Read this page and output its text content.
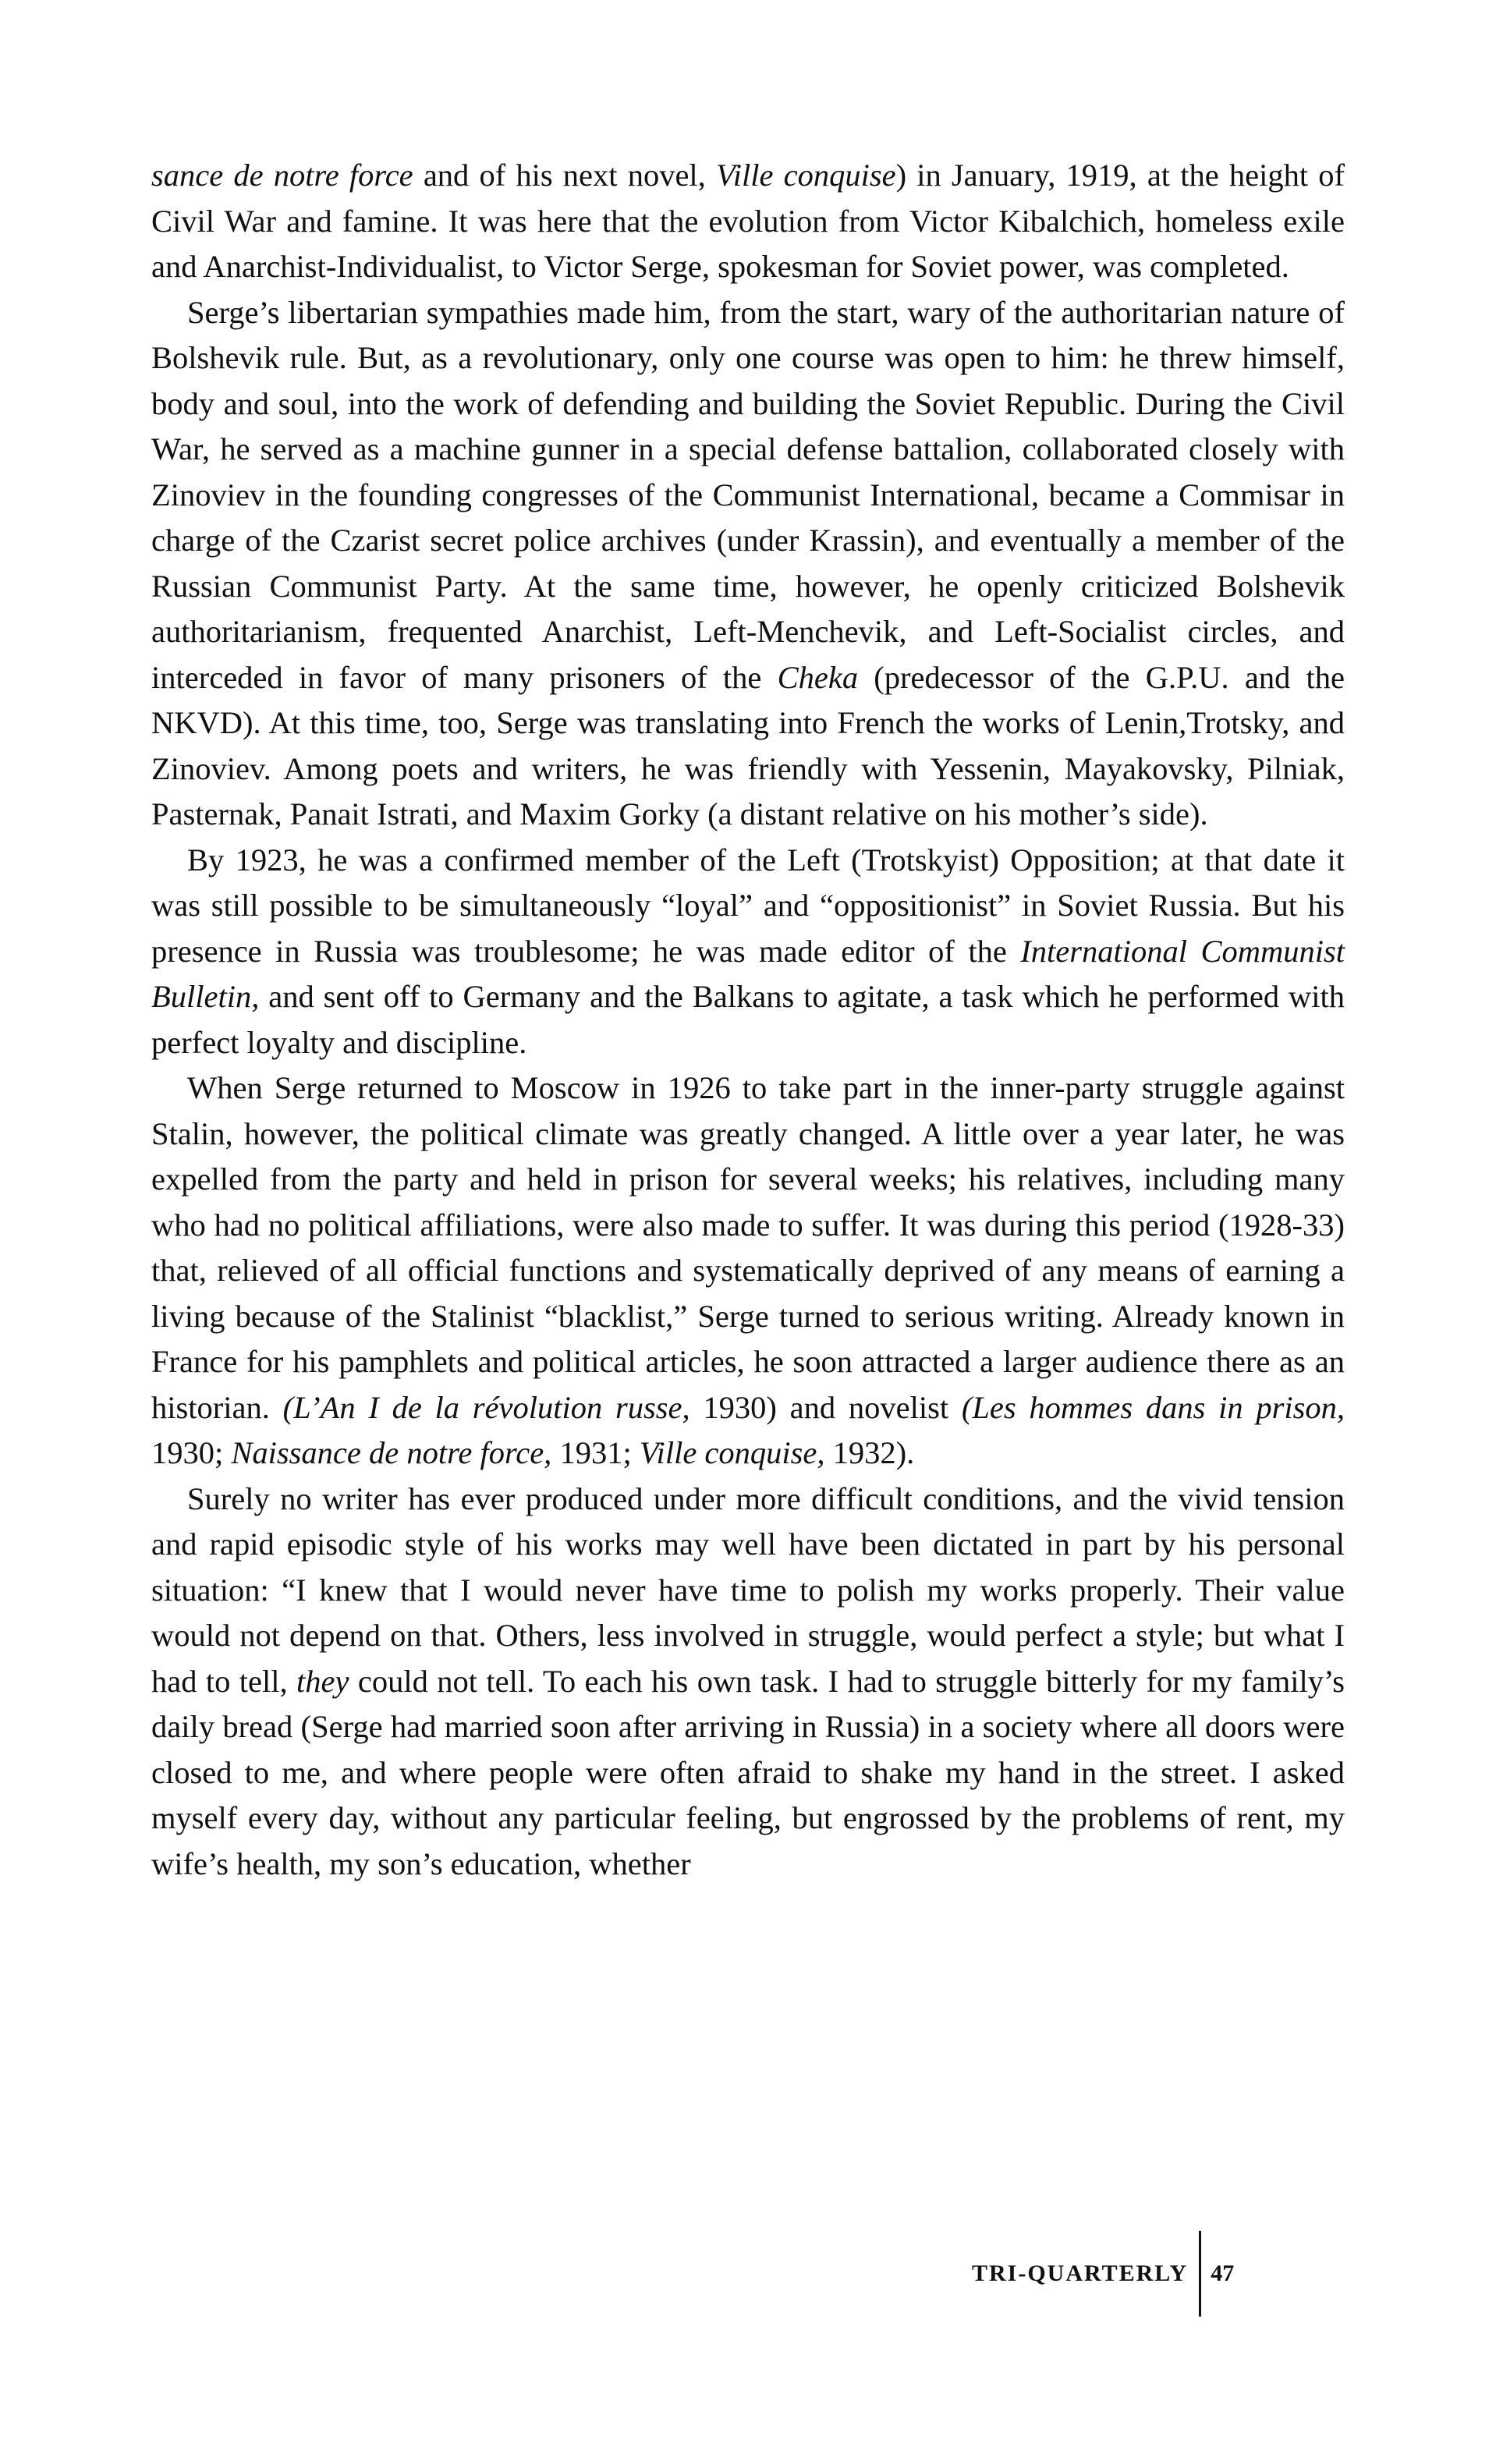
sance de notre force and of his next novel, Ville conquise) in January, 1919, at the height of Civil War and famine. It was here that the evolution from Victor Kibalchich, homeless exile and Anarchist-Individualist, to Victor Serge, spokesman for Soviet power, was completed.

Serge’s libertarian sympathies made him, from the start, wary of the authoritarian nature of Bolshevik rule. But, as a revolutionary, only one course was open to him: he threw himself, body and soul, into the work of defending and building the Soviet Republic. During the Civil War, he served as a machine gunner in a special defense battalion, collaborated closely with Zinoviev in the founding congresses of the Communist International, became a Commisar in charge of the Czarist secret police archives (under Krassin), and eventually a member of the Russian Communist Party. At the same time, however, he openly criticized Bolshevik authoritarianism, frequented Anarchist, Left-Menchevik, and Left-Socialist circles, and interceded in favor of many prisoners of the Cheka (predecessor of the G.P.U. and the NKVD). At this time, too, Serge was translating into French the works of Lenin,Trotsky, and Zinoviev. Among poets and writers, he was friendly with Yessenin, Mayakovsky, Pilniak, Pasternak, Panait Istrati, and Maxim Gorky (a distant relative on his mother’s side).

By 1923, he was a confirmed member of the Left (Trotskyist) Opposition; at that date it was still possible to be simultaneously “loyal” and “oppositionist” in Soviet Russia. But his presence in Russia was troublesome; he was made editor of the International Communist Bulletin, and sent off to Germany and the Balkans to agitate, a task which he performed with perfect loyalty and discipline.

When Serge returned to Moscow in 1926 to take part in the inner-party struggle against Stalin, however, the political climate was greatly changed. A little over a year later, he was expelled from the party and held in prison for several weeks; his relatives, including many who had no political affiliations, were also made to suffer. It was during this period (1928-33) that, relieved of all official functions and systematically deprived of any means of earning a living because of the Stalinist “blacklist,” Serge turned to serious writing. Already known in France for his pamphlets and political articles, he soon attracted a larger audience there as an historian. (L’An I de la révolution russe, 1930) and novelist (Les hommes dans in prison, 1930; Naissance de notre force, 1931; Ville conquise, 1932).

Surely no writer has ever produced under more difficult conditions, and the vivid tension and rapid episodic style of his works may well have been dictated in part by his personal situation: “I knew that I would never have time to polish my works properly. Their value would not depend on that. Others, less involved in struggle, would perfect a style; but what I had to tell, they could not tell. To each his own task. I had to struggle bitterly for my family’s daily bread (Serge had married soon after arriving in Russia) in a society where all doors were closed to me, and where people were often afraid to shake my hand in the street. I asked myself every day, without any particular feeling, but engrossed by the problems of rent, my wife’s health, my son’s education, whether

TRI-QUARTERLY 47
